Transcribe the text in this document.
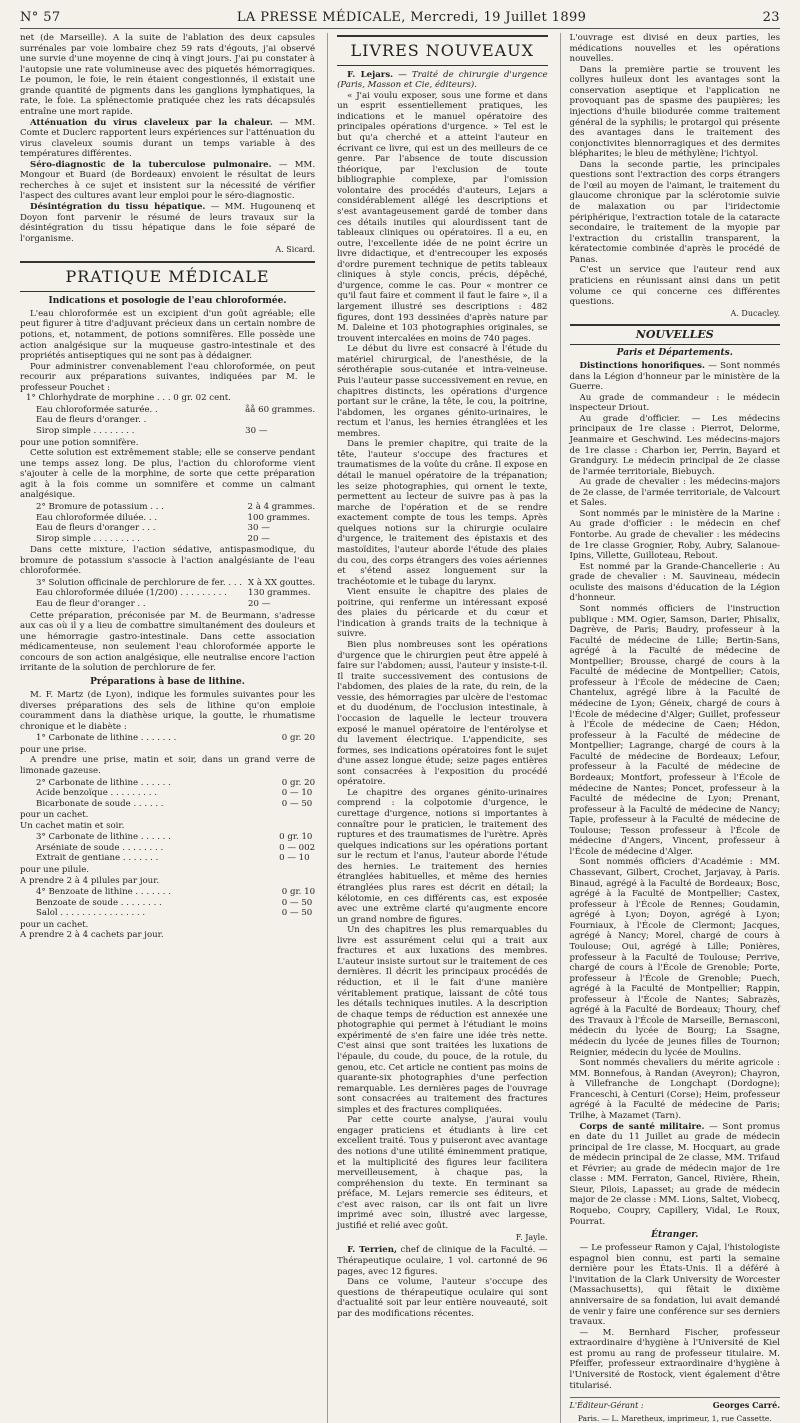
N° 57	LA PRESSE MÉDICALE, Mercredi, 19 Juillet 1899	23

net (de Marseille). A la suite de l'ablation des deux capsules surrénales par voie lombaire chez 59 rats d'égouts, j'ai observé une survie d'une moyenne de cinq à vingt jours. J'ai pu constater à l'autopsie une rate volumineuse avec des piquetés hémorragiques. Le poumon, le foie, le rein étaient congestionnés, il existait une grande quantité de pigments dans les ganglions lymphatiques, la rate, le foie. La splénectomie pratiquée chez les rats décapsulés entraîne une mort rapide.

Atténuation du virus claveleux par la chaleur. — MM. Comte et Duclerc rapportent leurs expériences sur l'atténuation du virus claveleux soumis durant un temps variable à des températures différentes.

Séro-diagnostic de la tuberculose pulmonaire. — MM. Mongour et Buard (de Bordeaux) envoient le résultat de leurs recherches à ce sujet et insistent sur la nécessité de vérifier l'aspect des cultures avant leur emploi pour le séro-diagnostic.

Désintégration du tissu hépatique. — MM. Hugounenq et Doyon font parvenir le résumé de leurs travaux sur la désintégration du tissu hépatique dans le foie séparé de l'organisme.

A. Sicard.
PRATIQUE MÉDICALE
Indications et posologie de l'eau chloroformée.

L'eau chloroformée est un excipient d'un goût agréable; elle peut figurer à titre d'adjuvant précieux dans un certain nombre de potions, et, notamment, de potions somnifères. Elle possède une action analgésique sur la muqueuse gastro-intestinale et des propriétés antiseptiques qui ne sont pas à dédaigner.

Pour administrer convenablement l'eau chloroformée, on peut recourir aux préparations suivantes, indiquées par M. le professeur Pouchet :

1° Chlorhydrate de morphine . . . 0 gr. 02 cent.

Eau chloroformée saturée. .	åå 60 grammes.
Eau de fleurs d'oranger. .
Sirop simple . . . . . . . .	30 —

pour une potion somnifère.

Cette solution est extrêmement stable; elle se conserve pendant une temps assez long. De plus, l'action du chloroforme vient s'ajouter à celle de la morphine, de sorte que cette préparation agit à la fois comme un somnifère et comme un calmant analgésique.

2° Bromure de potassium . . .	2 à 4 grammes.
Eau chloroformée diluée. . .	100 grammes.
Eau de fleurs d'oranger . . .	30 —
Sirop simple . . . . . . . . .	20 —

Dans cette mixture, l'action sédative, antispasmodique, du bromure de potassium s'associe à l'action analgésiante de l'eau chloroformée.

3° Solution officinale de perchlorure de fer. . . . X à XX gouttes.
Eau chloroformée diluée (1/200) . . . . . . . . .	130 grammes.
Eau de fleur d'oranger . .	20 —

Cette préparation, préconisée par M. de Beurmann, s'adresse aux cas où il y a lieu de combattre simultanément des douleurs et une hémorragie gastro-intestinale. Dans cette association médicamenteuse, non seulement l'eau chloroformée apporte le concours de son action analgésique, elle neutralise encore l'action irritante de la solution de perchlorure de fer.

Préparations à base de lithine.

M. F. Martz (de Lyon), indique les formules suivantes pour les diverses préparations des sels de lithine qu'on emploie couramment dans la diathèse urique, la goutte, le rhumatisme chronique et le diabète :

1° Carbonate de lithine . . . . . . .	0 gr. 20

pour une prise.

A prendre une prise, matin et soir, dans un grand verre de limonade gazeuse.

2° Carbonate de lithine . . . . . .	0 gr. 20
Acide benzoïque . . . . . . . . .	0 — 10
Bicarbonate de soude . . . . . .	0 — 50

pour un cachet.

Un cachet matin et soir.

3° Carbonate de lithine . . . . . .	0 gr. 10
Arséniate de soude . . . . . . . .	0 — 002
Extrait de gentiane . . . . . . .	0 — 10

pour une pilule.

A prendre 2 à 4 pilules par jour.

4° Benzoate de lithine . . . . . . .	0 gr. 10
Benzoate de soude . . . . . . . .	0 — 50
Salol . . . . . . . . . . . . . . . .	0 — 50

pour un cachet.

A prendre 2 à 4 cachets par jour.

LIVRES NOUVEAUX

F. Lejars. — Traité de chirurgie d'urgence (Paris, Masson et Cie, éditeurs).

« J'ai voulu exposer, sous une forme et dans un esprit essentiellement pratiques, les indications et le manuel opératoire des principales opérations d'urgence. » Tel est le but qu'a cherché et a atteint l'auteur en écrivant ce livre, qui est un des meilleurs de ce genre. Par l'absence de toute discussion théorique, par l'exclusion de toute bibliographie complexe, par l'omission volontaire des procédés d'auteurs, Lejars a considérablement allégé les descriptions et s'est avantageusement gardé de tomber dans ces détails inutiles qui alourdissent tant de tableaux cliniques ou opératoires. Il a eu, en outre, l'excellente idée de ne point écrire un livre didactique, et d'entrecouper les exposés d'ordre purement technique de petits tableaux cliniques à style concis, précis, dépêché, d'urgence, comme le cas. Pour « montrer ce qu'il faut faire et comment il faut le faire », il a largement illustré ses descriptions : 482 figures, dont 193 dessinées d'après nature par M. Daleine et 103 photographies originales, se trouvent intercalées en moins de 740 pages.

Le début du livre est consacré à l'étude du matériel chirurgical, de l'anesthésie, de la sérothérapie sous-cutanée et intra-veineuse. Puis l'auteur passe successivement en revue, en chapitres distincts, les opérations d'urgence portant sur le crâne, la tête, le cou, la poitrine, l'abdomen, les organes génito-urinaires, le rectum et l'anus, les hernies étranglées et les membres.

Dans le premier chapitre, qui traite de la tête, l'auteur s'occupe des fractures et traumatismes de la voûte du crâne. Il expose en détail le manuel opératoire de la trépanation; les seize photographies, qui ornent le texte, permettent au lecteur de suivre pas à pas la marche de l'opération et de se rendre exactement compte de tous les temps. Après quelques notions sur la chirurgie oculaire d'urgence, le traitement des épistaxis et des mastoïdites, l'auteur aborde l'étude des plaies du cou, des corps étrangers des voies aériennes et s'étend assez longuement sur la trachéotomie et le tubage du larynx.

Vient ensuite le chapitre des plaies de poitrine, qui renferme un intéressant exposé des plaies du péricarde et du cœur et l'indication à grands traits de la technique à suivre.

Bien plus nombreuses sont les opérations d'urgence que le chirurgien peut être appelé à faire sur l'abdomen; aussi, l'auteur y insiste-t-il. Il traite successivement des contusions de l'abdomen, des plaies de la rate, du rein, de la vessie, des hémorragies par ulcère de l'estomac et du duodénum, de l'occlusion intestinale, à l'occasion de laquelle le lecteur trouvera exposé le manuel opératoire de l'entérolyse et du lavement électrique. L'appendicite, ses formes, ses indications opératoires font le sujet d'une assez longue étude; seize pages entières sont consacrées à l'exposition du procédé opératoire.

Le chapitre des organes génito-urinaires comprend : la colpotomie d'urgence, le curettage d'urgence, notions si importantes à connaître pour le praticien, le traitement des ruptures et des traumatismes de l'urètre. Après quelques indications sur les opérations portant sur le rectum et l'anus, l'auteur aborde l'étude des hernies. Le traitement des hernies étranglées habituelles, et même des hernies étranglées plus rares est décrit en détail; la kélotomie, en ces différents cas, est exposée avec une extrême clarté qu'augmente encore un grand nombre de figures.

Un des chapitres les plus remarquables du livre est assurément celui qui a trait aux fractures et aux luxations des membres. L'auteur insiste surtout sur le traitement de ces dernières. Il décrit les principaux procédés de réduction, et il le fait d'une manière véritablement pratique, laissant de côté tous les détails techniques inutiles. A la description de chaque temps de réduction est annexée une photographie qui permet à l'étudiant le moins expérimenté de s'en faire une idée très nette. C'est ainsi que sont traitées les luxations de l'épaule, du coude, du pouce, de la rotule, du genou, etc. Cet article ne contient pas moins de quarante-six photographies d'une perfection remarquable. Les dernières pages de l'ouvrage sont consacrées au traitement des fractures simples et des fractures compliquées.

Par cette courte analyse, j'aurai voulu engager praticiens et étudiants à lire cet excellent traité. Tous y puiseront avec avantage des notions d'une utilité éminemment pratique, et la multiplicité des figures leur facilitera merveilleusement, à chaque pas, la compréhension du texte. En terminant sa préface, M. Lejars remercie ses éditeurs, et c'est avec raison, car ils ont fait un livre imprimé avec soin, illustré avec largesse, justifié et relié avec goût.

F. Jayle.

F. Terrien, chef de clinique de la Faculté. — Thérapeutique oculaire, 1 vol. cartonné de 96 pages, avec 12 figures.

Dans ce volume, l'auteur s'occupe des questions de thérapeutique oculaire qui sont d'actualité soit par leur entière nouveauté, soit par des modifications récentes.

L'ouvrage est divisé en deux parties, les médications nouvelles et les opérations nouvelles.

Dans la première partie se trouvent les collyres huileux dont les avantages sont la conservation aseptique et l'application ne provoquant pas de spasme des paupières; les injections d'huile biiodurée comme traitement général de la syphilis; le protargol qui présente des avantages dans le traitement des conjonctivites blennorragiques et des dermites blépharites; le bleu de méthylène; l'ichtyol.

Dans la seconde partie, les principales questions sont l'extraction des corps étrangers de l'œil au moyen de l'aimant, le traitement du glaucome chronique par la sclérotomie suivie de malaxation ou par l'iridectomie périphérique, l'extraction totale de la cataracte secondaire, le traitement de la myopie par l'extraction du cristallin transparent, la kératectomie combinée d'après le procédé de Panas.

C'est un service que l'auteur rend aux praticiens en réunissant ainsi dans un petit volume ce qui concerne ces différentes questions.

A. Ducacley.
NOUVELLES
Paris et Départements.

Distinctions honorifiques. — Sont nommés dans la Légion d'honneur par le ministère de la Guerre.

Au grade de commandeur : le médecin inspecteur Driout.

Au grade d'officier. — Les médecins principaux de 1re classe : Pierrot, Delorme, Jeanmaire et Geschwind. Les médecins-majors de 1re classe : Charbon ier, Perrin, Bayard et Grandgury. Le médecin principal de 2e classe de l'armée territoriale, Biebuych.

Au grade de chevalier : les médecins-majors de 2e classe, de l'armée territoriale, de Valcourt et Sales.

Sont nommés par le ministère de la Marine : Au grade d'officier : le médecin en chef Fontorbe. Au grade de chevalier : les médecins de 1re classe Grognier, Roby, Aubry, Salanoue-Ipins, Villette, Guilloteau, Rebout.

Est nommé par la Grande-Chancellerie : Au grade de chevalier : M. Sauvineau, médecin oculiste des maisons d'éducation de la Légion d'honneur.

Sont nommés officiers de l'instruction publique : MM. Ogier, Samson, Darier, Phisalix, Dagrève, de Paris; Baudry, professeur à la Faculté de médecine de Lille; Bertin-Sans, agrégé à la Faculté de médecine de Montpellier; Brousse, chargé de cours à la Faculté de médecine de Montpellier; Catois, professeur à l'École de médecine de Caen; Chantelux, agrégé libre à la Faculté de médecine de Lyon; Géneix, chargé de cours à l'École de médecine d'Alger; Guillet, professeur à l'École de médecine de Caen; Hédon, professeur à la Faculté de médecine de Montpellier; Lagrange, chargé de cours à la Faculté de médecine de Bordeaux; Lefour, professeur à la Faculté de médecine de Bordeaux; Montfort, professeur à l'École de médecine de Nantes; Poncet, professeur à la Faculté de médecine de Lyon; Prenant, professeur à la Faculté de médecine de Nancy; Tapie, professeur à la Faculté de médecine de Toulouse; Tesson professeur à l'École de médecine d'Angers, Vincent, professeur à l'École de médecine d'Alger.

Sont nommés officiers d'Académie : MM. Chassevant, Gilbert, Crochet, Jarjavay, à Paris. Binaud, agrégé à la Faculté de Bordeaux; Bosc, agrégé à la Faculté de Montpellier; Castex, professeur à l'École de Rennes; Goudamin, agrégé à Lyon; Doyon, agrégé à Lyon; Fourniaux, à l'École de Clermont; Jacques, agrégé à Nancy; Morel, chargé de cours à Toulouse; Oui, agrégé à Lille; Ponières, professeur à la Faculté de Toulouse; Perrive, chargé de cours à l'École de Grenoble; Porte, professeur à l'École de Grenoble; Puech, agrégé à la Faculté de Montpellier; Rappin, professeur à l'École de Nantes; Sabrazès, agrégé à la Faculté de Bordeaux; Thoury, chef des Travaux à l'École de Marseille, Bernasconi, médecin du lycée de Bourg; La Ssagne, médecin du lycée de jeunes filles de Tournon; Reignier, médecin du lycée de Moulins.

Sont nommés chevaliers du mérite agricole : MM. Bonnefous, à Randan (Aveyron); Chayron, à Villefranche de Longchapt (Dordogne); Franceschi, à Centuri (Corse); Heim, professeur agrégé à la Faculté de médecine de Paris; Trilhe, à Mazamet (Tarn).

Corps de santé militaire. — Sont promus en date du 11 Juillet au grade de médecin principal de 1re classe, M. Hocquart, au grade de médecin principal de 2e classe, MM. Trifaud et Février; au grade de médecin major de 1re classe : MM. Ferraton, Gancel, Rivière, Rhein, Sieur, Pilois, Lapasset; au grade de médecin major de 2e classe : MM. Lions, Saltet, Viobecq, Roquebo, Coupry, Capillery, Vidal, Le Roux, Pourrat.

Étranger.

— Le professeur Ramon y Cajal, l'histologiste espagnol bien connu, est parti la semaine dernière pour les États-Unis. Il a déféré à l'invitation de la Clark University de Worcester (Massachusetts), qui fêtait le dixième anniversaire de sa fondation, lui avait demandé de venir y faire une conférence sur ses derniers travaux.

— M. Bernhard Fischer, professeur extraordinaire d'hygiène à l'Université de Kiel est promu au rang de professeur titulaire. M. Pfeiffer, professeur extraordinaire d'hygiène à l'Université de Rostock, vient également d'être titularisé.

L'Éditeur-Gérant :	Georges Carré.
Paris. — L. Maretheux, imprimeur, 1, rue Cassette.
